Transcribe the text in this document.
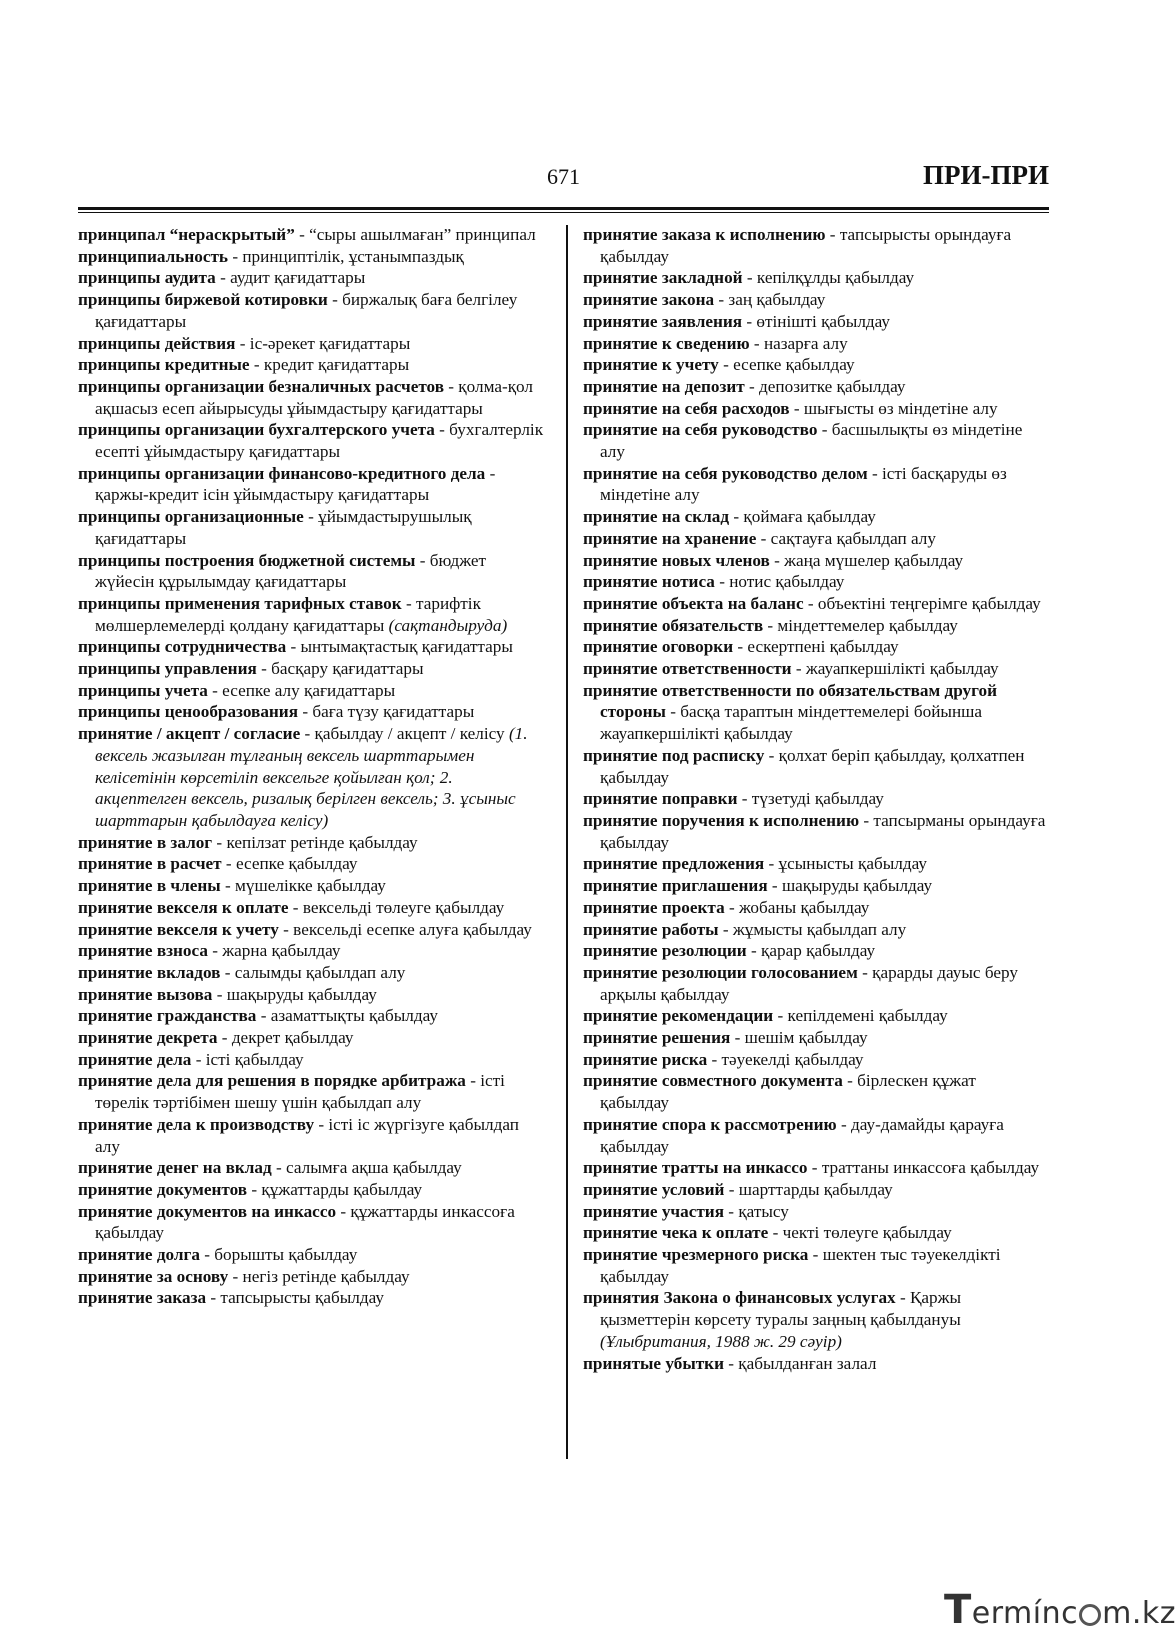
671	ПРИ-ПРИ

принципал “нераскрытый” - “сыры ашылмаған” принципал

принципиальность - принциптілік, ұстанымпаздық

принципы аудита - аудит қағидаттары

принципы биржевой котировки - биржалық баға белгілеу қағидаттары

принципы действия - іс-әрекет қағидаттары

принципы кредитные - кредит қағидаттары

принципы организации безналичных расчетов - қолма-қол ақшасыз есеп айырысуды ұйымдастыру қағидаттары

принципы организации бухгалтерского учета - бухгалтерлік есепті ұйымдастыру қағидаттары

принципы организации финансово-кредитного дела - қаржы-кредит ісін ұйымдастыру қағидаттары

принципы организационные - ұйымдастырушылық қағидаттары

принципы построения бюджетной системы - бюджет жүйесін құрылымдау қағидаттары

принципы применения тарифных ставок - тарифтік мөлшерлемелерді қолдану қағидаттары (сақтандыруда)

принципы сотрудничества - ынтымақтастық қағидаттары

принципы управления - басқару қағидаттары

принципы учета - есепке алу қағидаттары

принципы ценообразования - баға түзу қағидаттары

принятие / акцепт / согласие - қабылдау / акцепт / келісу (1. вексель жазылған тұлғаның вексель шарттарымен келісетінін көрсетіліп вексельге қойылған қол; 2. акцептелген вексель, ризалық берілген вексель; 3. ұсыныс шарттарын қабылдауға келісу)

принятие в залог - кепілзат ретінде қабылдау

принятие в расчет - есепке қабылдау

принятие в члены - мүшелікке қабылдау

принятие векселя к оплате - вексельді төлеуге қабылдау

принятие векселя к учету - вексельді есепке алуға қабылдау

принятие взноса - жарна қабылдау

принятие вкладов - салымды қабылдап алу

принятие вызова - шақыруды қабылдау

принятие гражданства - азаматтықты қабылдау

принятие декрета - декрет қабылдау

принятие дела - істі қабылдау

принятие дела для решения в порядке арбитража - істі төрелік тәртібімен шешу үшін қабылдап алу

принятие дела к производству - істі іс жүргізуге қабылдап алу

принятие денег на вклад - салымға ақша қабылдау

принятие документов - құжаттарды қабылдау

принятие документов на инкассо - құжаттарды инкассоға қабылдау

принятие долга - борышты қабылдау

принятие за основу - негіз ретінде қабылдау

принятие заказа - тапсырысты қабылдау

принятие заказа к исполнению - тапсырысты орындауға қабылдау

принятие закладной - кепілқұлды қабылдау

принятие закона - заң қабылдау

принятие заявления - өтінішті қабылдау

принятие к сведению - назарға алу

принятие к учету - есепке қабылдау

принятие на депозит - депозитке қабылдау

принятие на себя расходов - шығысты өз міндетіне алу

принятие на себя руководство - басшылықты өз міндетіне алу

принятие на себя руководство делом - істі басқаруды өз міндетіне алу

принятие на склад - қоймаға қабылдау

принятие на хранение - сақтауға қабылдап алу

принятие новых членов - жаңа мүшелер қабылдау

принятие нотиса - нотис қабылдау

принятие объекта на баланс - объектіні теңгерімге қабылдау

принятие обязательств - міндеттемелер қабылдау

принятие оговорки - ескертпені қабылдау

принятие ответственности - жауапкершілікті қабылдау

принятие ответственности по обязательствам другой стороны - басқа тараптын міндеттемелері бойынша жауапкершілікті қабылдау

принятие под расписку - қолхат беріп қабылдау, қолхатпен қабылдау

принятие поправки - түзетуді қабылдау

принятие поручения к исполнению - тапсырманы орындауға қабылдау

принятие предложения - ұсынысты қабылдау

принятие приглашения - шақыруды қабылдау

принятие проекта - жобаны қабылдау

принятие работы - жұмысты қабылдап алу

принятие резолюции - қарар қабылдау

принятие резолюции голосованием - қарарды дауыс беру арқылы қабылдау

принятие рекомендации - кепілдемені қабылдау

принятие решения - шешім қабылдау

принятие риска - тәуекелді қабылдау

принятие совместного документа - бірлескен құжат қабылдау

принятие спора к рассмотрению - дау-дамайды қарауға қабылдау

принятие тратты на инкассо - траттаны инкассоға қабылдау

принятие условий - шарттарды қабылдау

принятие участия - қатысу

принятие чека к оплате - чекті төлеуге қабылдау

принятие чрезмерного риска - шектен тыс тәуекелдікті қабылдау

принятия Закона о финансовых услугах - Қаржы қызметтерін көрсету туралы заңның қабылдануы (Ұлыбритания, 1988 ж. 29 сәуір)

принятые убытки - қабылданған залал

Termínc m.kz
